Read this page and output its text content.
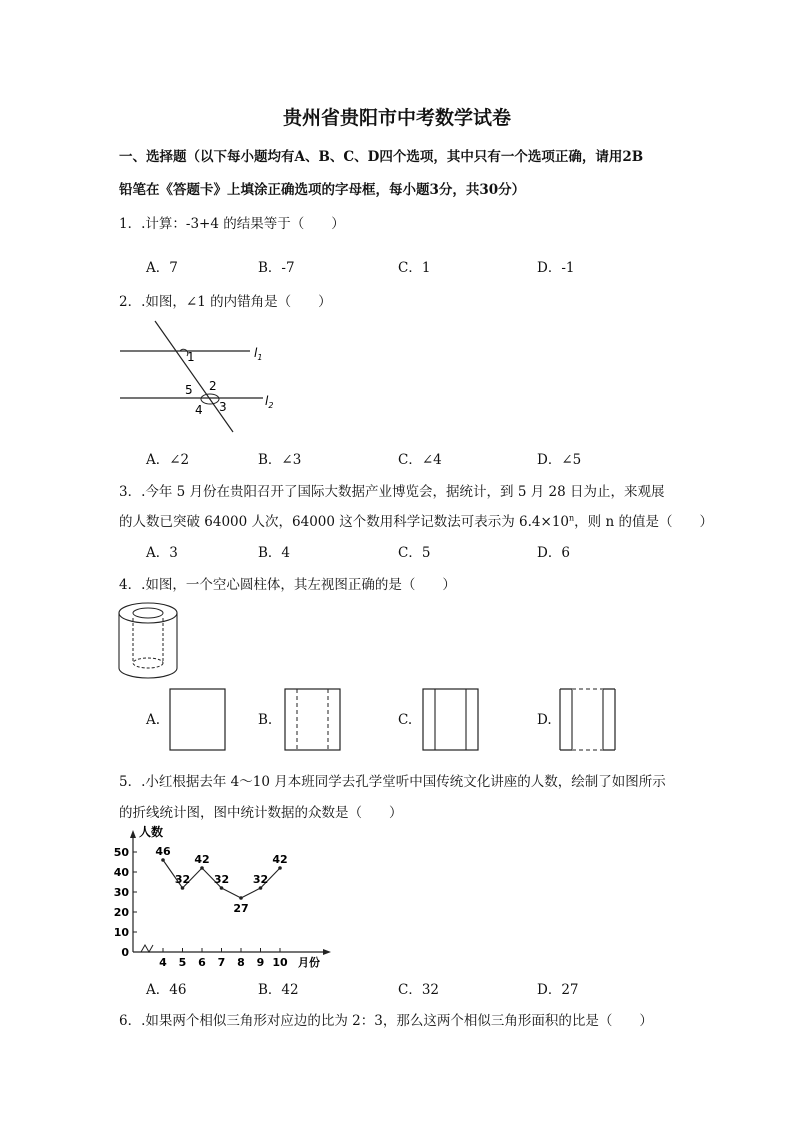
贵州省贵阳市中考数学试卷
一、选择题（以下每小题均有A、B、C、D四个选项，其中只有一个选项正确，请用2B
铅笔在《答题卡》上填涂正确选项的字母框，每小题3分，共30分）
1．.计算：-3+4 的结果等于（　　）
A．7	B．-7	C．1	D．-1
2．.如图，∠1 的内错角是（　　）
1
2
3
4
5
$l_1$
$l_2$
A．∠2	B．∠3	C．∠4	D．∠5
3．.今年 5 月份在贵阳召开了国际大数据产业博览会，据统计，到 5 月 28 日为止，来观展
的人数已突破 64000 人次，64000 这个数用科学记数法可表示为 $6.4\times 10^n$，则 n 的值是（　　）
A．3	B．4	C．5	D．6
4．.如图，一个空心圆柱体，其左视图正确的是（　　）
A.	B.	C.	D.
5．.小红根据去年 4～10 月本班同学去孔学堂听中国传统文化讲座的人数，绘制了如图所示
的折线统计图，图中统计数据的众数是（　　）
人数
月份
0
10
20
30
40
50
4 5 6 7 8 9 10
46
32
42
32
27
32
42
A．46	B．42	C．32	D．27
6．.如果两个相似三角形对应边的比为 2：3，那么这两个相似三角形面积的比是（　　）
